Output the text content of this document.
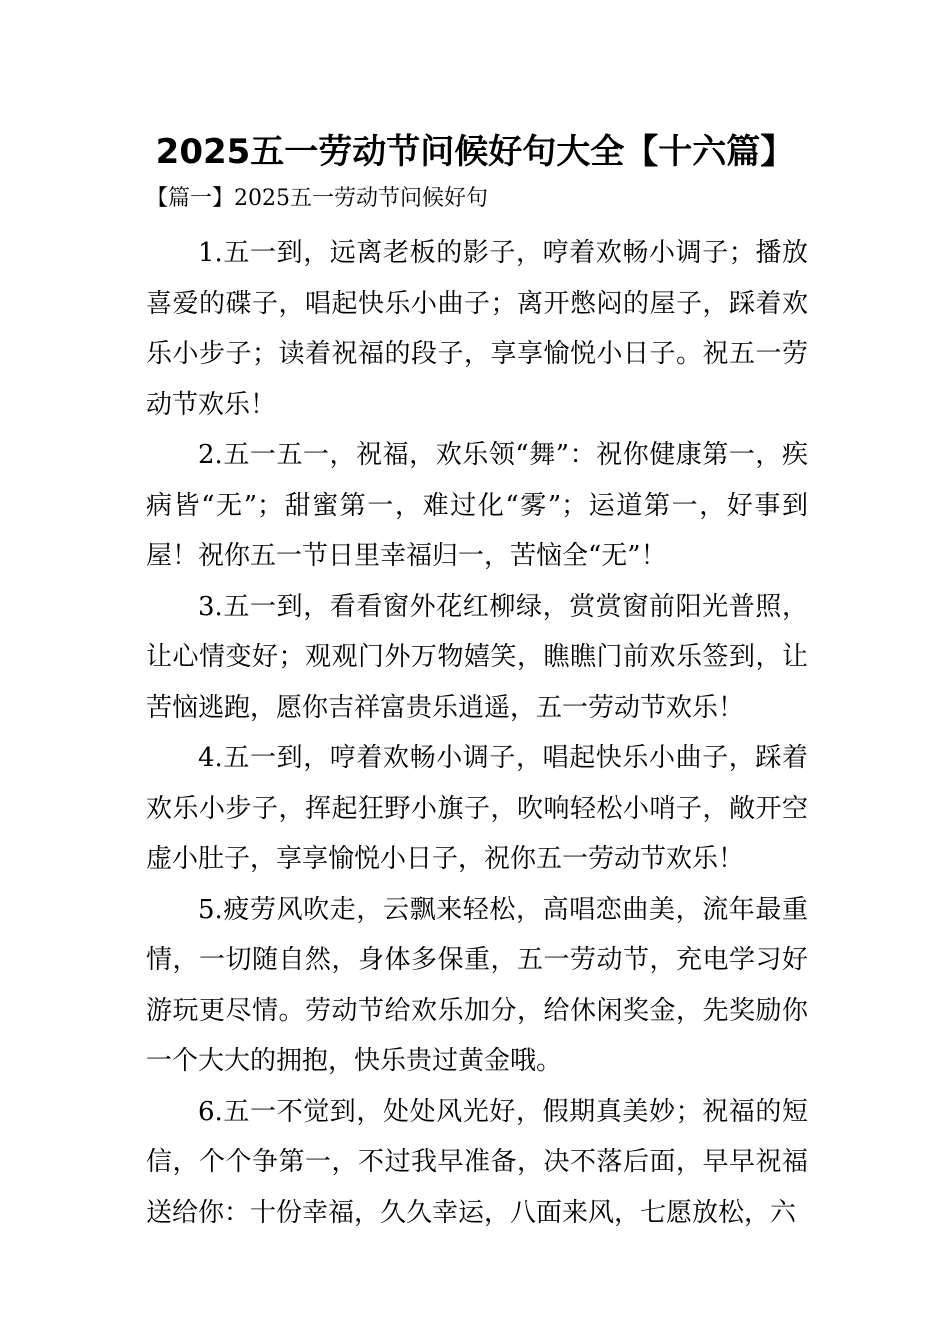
2025五一劳动节问候好句大全【十六篇】
【篇一】2025五一劳动节问候好句

1.五一到，远离老板的影子，哼着欢畅小调子；播放喜爱的碟子，唱起快乐小曲子；离开憋闷的屋子，踩着欢乐小步子；读着祝福的段子，享享愉悦小日子。祝五一劳动节欢乐！

2.五一五一，祝福，欢乐领“舞”：祝你健康第一，疾病皆“无”；甜蜜第一，难过化“雾”；运道第一，好事到屋！祝你五一节日里幸福归一，苦恼全“无”！

3.五一到，看看窗外花红柳绿，赏赏窗前阳光普照，让心情变好；观观门外万物嬉笑，瞧瞧门前欢乐签到，让苦恼逃跑，愿你吉祥富贵乐逍遥，五一劳动节欢乐！

4.五一到，哼着欢畅小调子，唱起快乐小曲子，踩着欢乐小步子，挥起狂野小旗子，吹响轻松小哨子，敞开空虚小肚子，享享愉悦小日子，祝你五一劳动节欢乐！

5.疲劳风吹走，云飘来轻松，高唱恋曲美，流年最重情，一切随自然，身体多保重，五一劳动节，充电学习好游玩更尽情。劳动节给欢乐加分，给休闲奖金，先奖励你一个大大的拥抱，快乐贵过黄金哦。

6.五一不觉到，处处风光好，假期真美妙；祝福的短信，个个争第一，不过我早准备，决不落后面，早早祝福送给你：十份幸福，久久幸运，八面来风，七愿放松，六
